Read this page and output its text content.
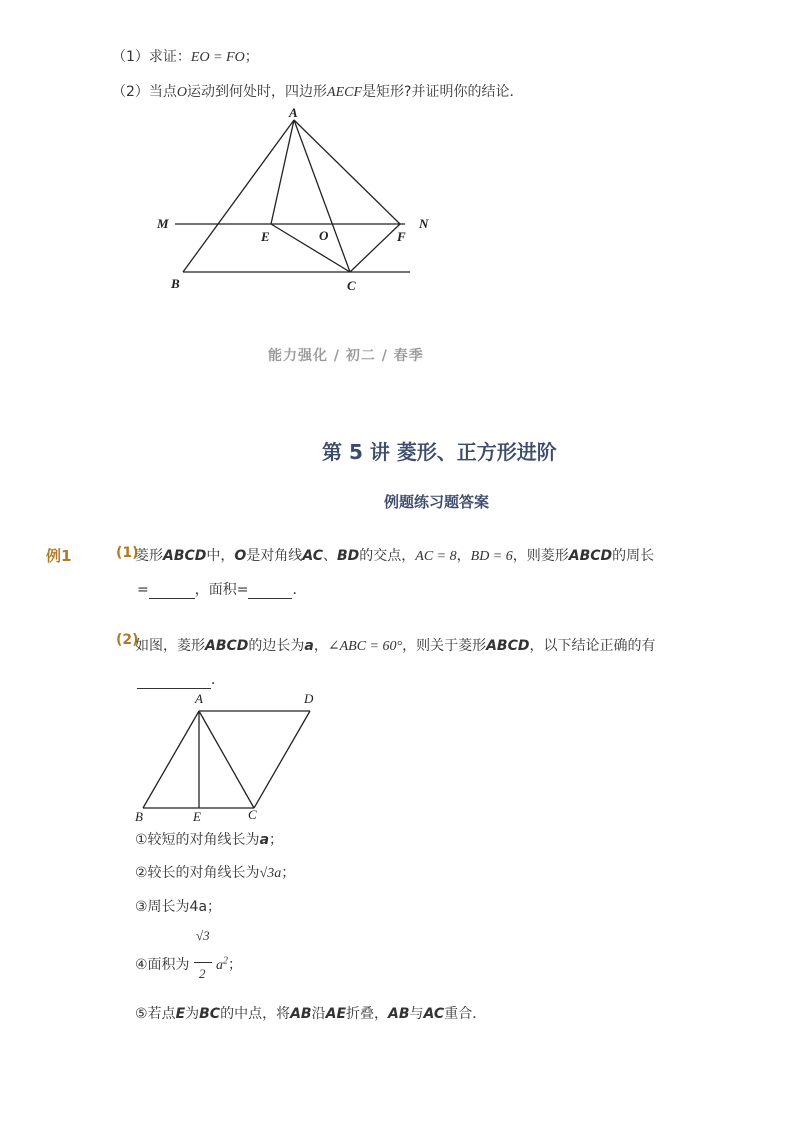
（1）求证：EO = FO；
（2）当点O运动到何处时，四边形AECF是矩形?并证明你的结论．
A
M	N
E	O	F
B	C
能力强化 / 初二 / 春季
第 5 讲 菱形、正方形进阶
例题练习题答案
例1	(1)
菱形ABCD中，O是对角线AC、BD的交点，AC = 8，BD = 6，则菱形ABCD的周长
=	，面积=	．
(2)
如图，菱形ABCD的边长为a，∠ABC = 60°，则关于菱形ABCD，以下结论正确的有
．
A	D
B	E	C
①较短的对角线长为a；
②较长的对角线长为√3a；
③周长为4a；
④面积为
√3
2
$a^2$；
⑤若点E为BC的中点，将AB沿AE折叠，AB与AC重合．
